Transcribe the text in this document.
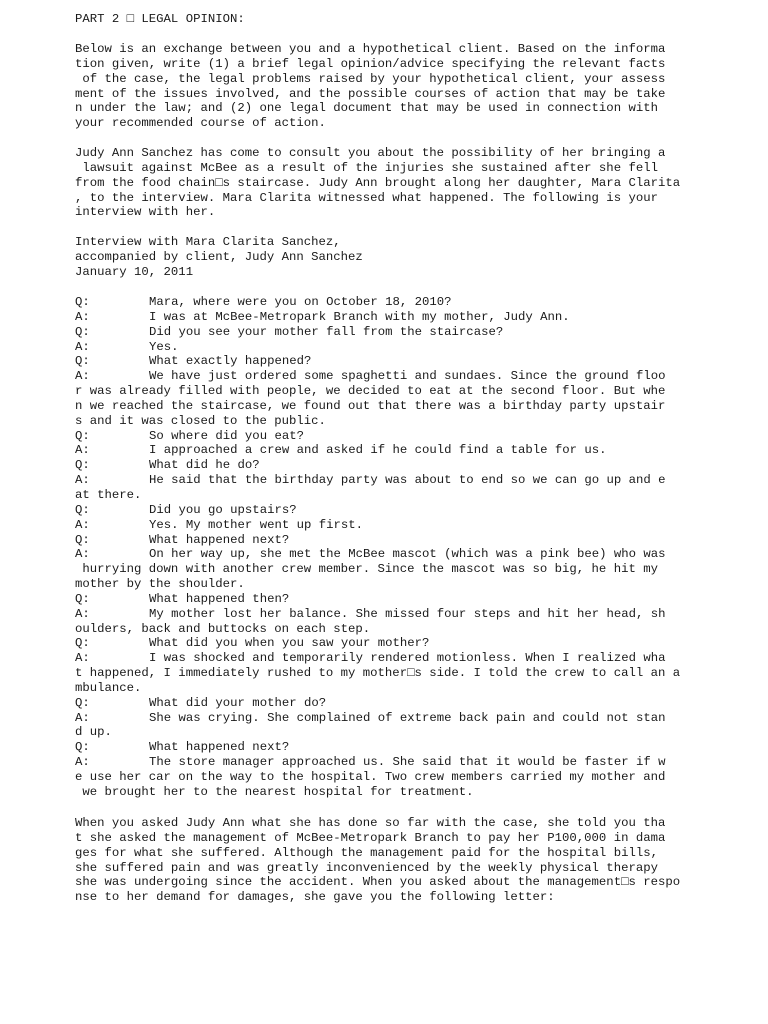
PART 2 □ LEGAL OPINION:
Below is an exchange between you and a hypothetical client. Based on the informa
tion given, write (1) a brief legal opinion/advice specifying the relevant facts
of the case, the legal problems raised by your hypothetical client, your assess
ment of the issues involved, and the possible courses of action that may be take
n under the law; and (2) one legal document that may be used in connection with
your recommended course of action.
Judy Ann Sanchez has come to consult you about the possibility of her bringing a
lawsuit against McBee as a result of the injuries she sustained after she fell
from the food chain□s staircase. Judy Ann brought along her daughter, Mara Clarita
, to the interview. Mara Clarita witnessed what happened. The following is your
interview with her.
Interview with Mara Clarita Sanchez,
accompanied by client, Judy Ann Sanchez
January 10, 2011
Q:	Mara, where were you on October 18, 2010?
A:	I was at McBee-Metropark Branch with my mother, Judy Ann.
Q:	Did you see your mother fall from the staircase?
A:	Yes.
Q:	What exactly happened?
A:	We have just ordered some spaghetti and sundaes. Since the ground floo
r was already filled with people, we decided to eat at the second floor. But whe
n we reached the staircase, we found out that there was a birthday party upstair
s and it was closed to the public.
Q:	So where did you eat?
A:	I approached a crew and asked if he could find a table for us.
Q:	What did he do?
A:	He said that the birthday party was about to end so we can go up and e
at there.
Q:	Did you go upstairs?
A:	Yes. My mother went up first.
Q:	What happened next?
A:	On her way up, she met the McBee mascot (which was a pink bee) who was
hurrying down with another crew member. Since the mascot was so big, he hit my
mother by the shoulder.
Q:	What happened then?
A:	My mother lost her balance. She missed four steps and hit her head, sh
oulders, back and buttocks on each step.
Q:	What did you when you saw your mother?
A:	I was shocked and temporarily rendered motionless. When I realized wha
t happened, I immediately rushed to my mother□s side. I told the crew to call an a
mbulance.
Q:	What did your mother do?
A:	She was crying. She complained of extreme back pain and could not stan
d up.
Q:	What happened next?
A:	The store manager approached us. She said that it would be faster if w
e use her car on the way to the hospital. Two crew members carried my mother and
we brought her to the nearest hospital for treatment.
When you asked Judy Ann what she has done so far with the case, she told you tha
t she asked the management of McBee-Metropark Branch to pay her P100,000 in dama
ges for what she suffered. Although the management paid for the hospital bills,
she suffered pain and was greatly inconvenienced by the weekly physical therapy
she was undergoing since the accident. When you asked about the management□s respo
nse to her demand for damages, she gave you the following letter:
